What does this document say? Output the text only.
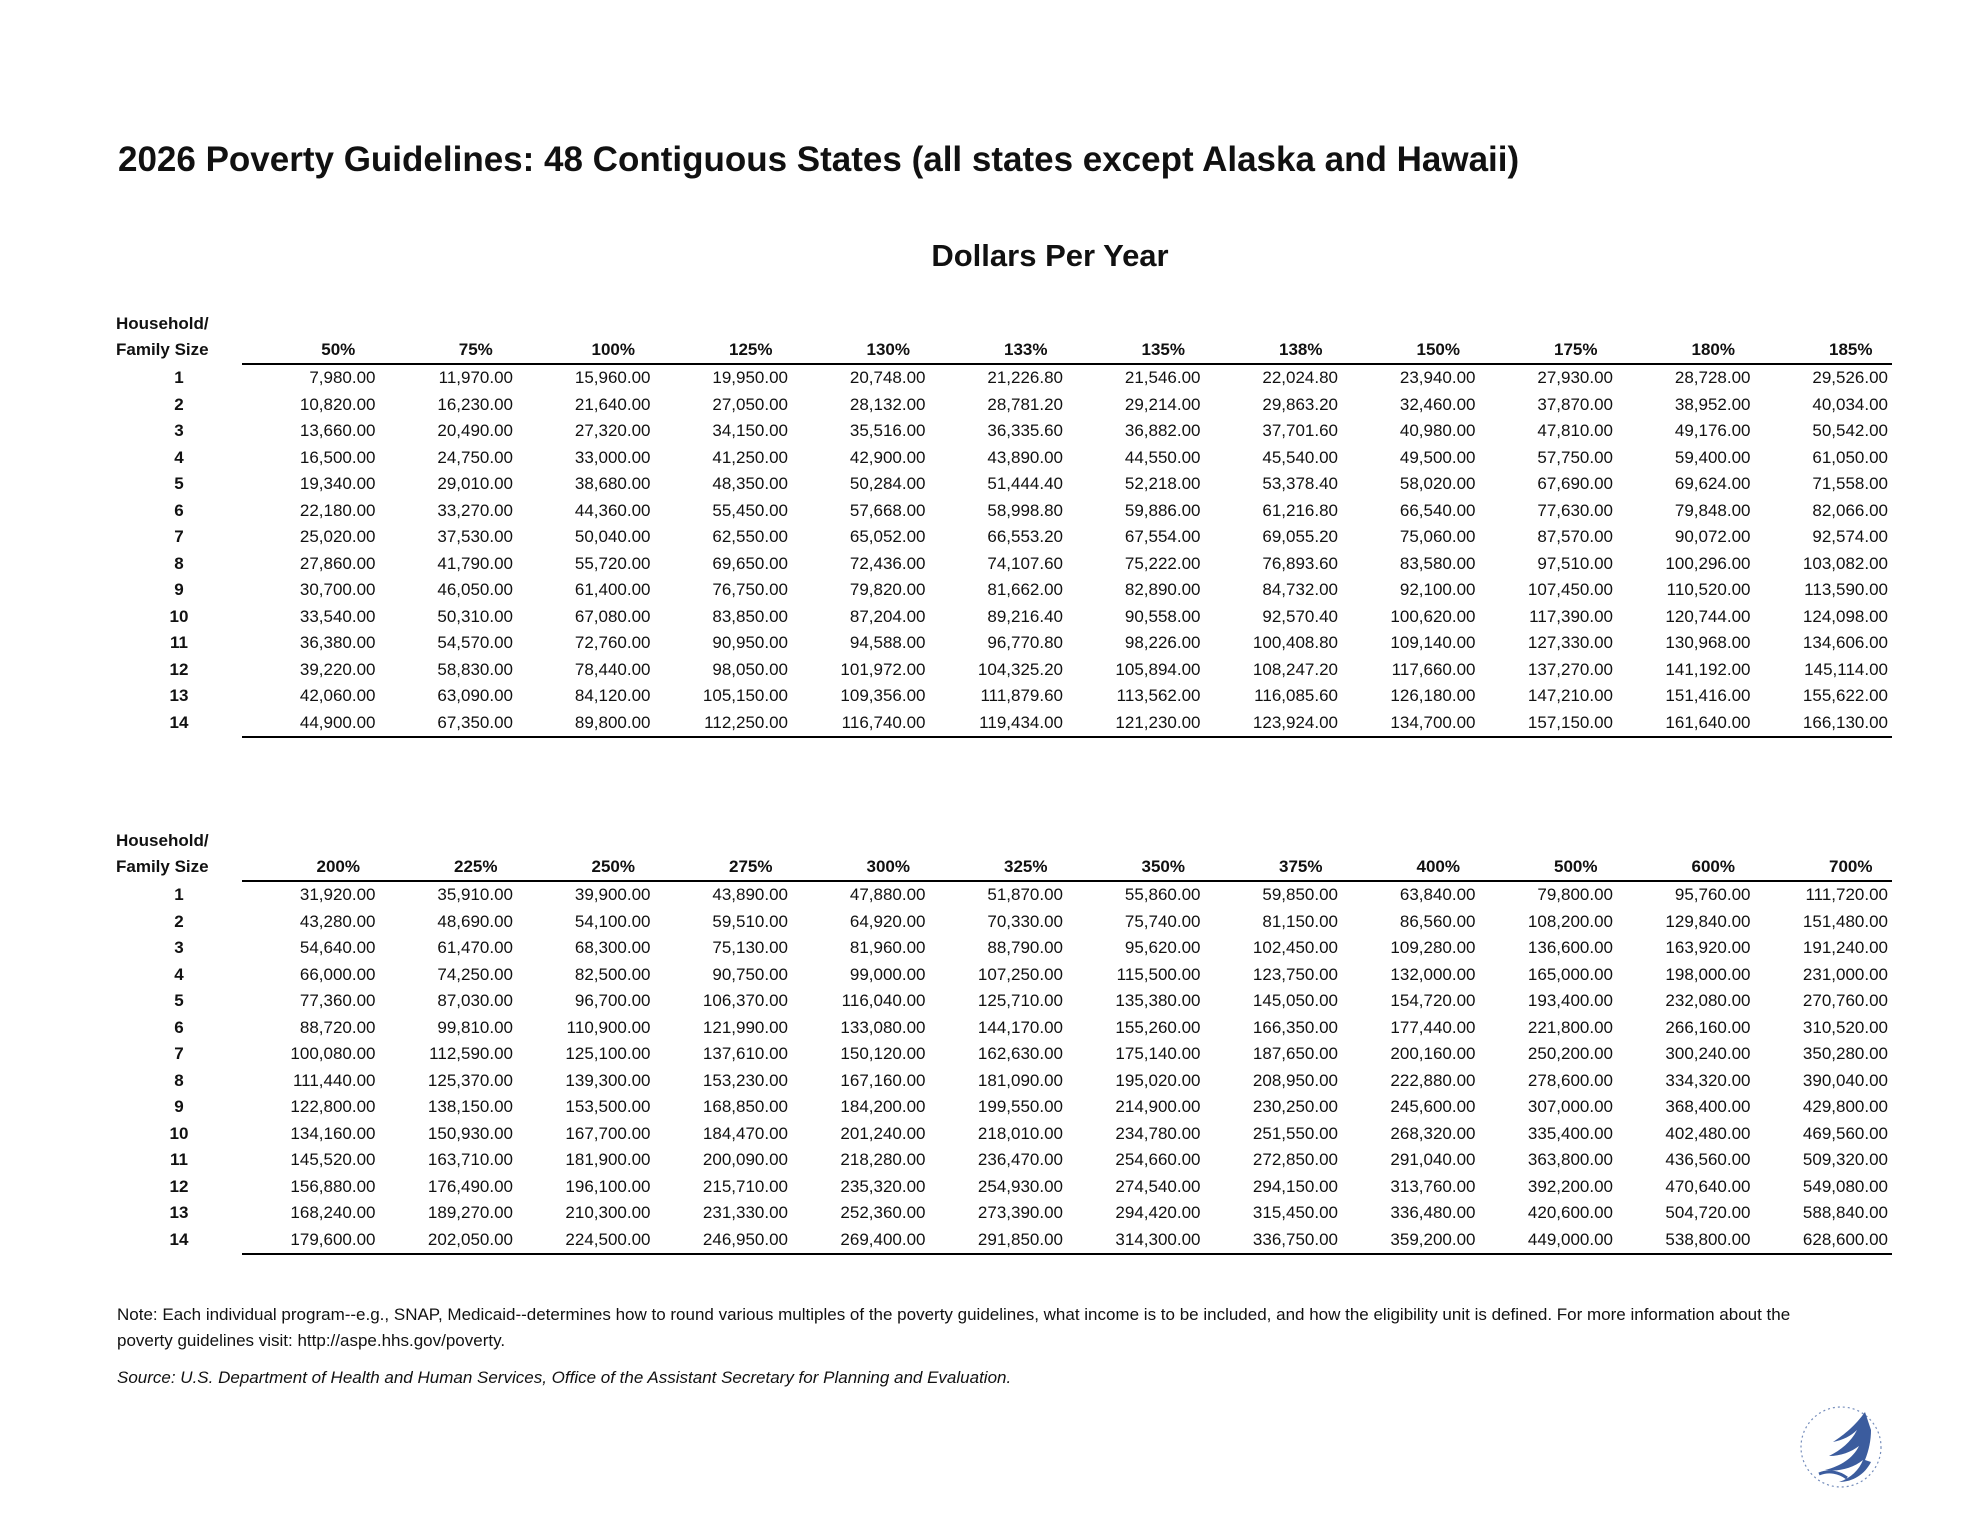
2026 Poverty Guidelines: 48 Contiguous States (all states except Alaska and Hawaii)
Dollars Per Year
Household/
Family Size	50%	75%	100%	125%	130%	133%	135%	138%	150%	175%	180%	185%
1	7,980.00	11,970.00	15,960.00	19,950.00	20,748.00	21,226.80	21,546.00	22,024.80	23,940.00	27,930.00	28,728.00	29,526.00
2	10,820.00	16,230.00	21,640.00	27,050.00	28,132.00	28,781.20	29,214.00	29,863.20	32,460.00	37,870.00	38,952.00	40,034.00
3	13,660.00	20,490.00	27,320.00	34,150.00	35,516.00	36,335.60	36,882.00	37,701.60	40,980.00	47,810.00	49,176.00	50,542.00
4	16,500.00	24,750.00	33,000.00	41,250.00	42,900.00	43,890.00	44,550.00	45,540.00	49,500.00	57,750.00	59,400.00	61,050.00
5	19,340.00	29,010.00	38,680.00	48,350.00	50,284.00	51,444.40	52,218.00	53,378.40	58,020.00	67,690.00	69,624.00	71,558.00
6	22,180.00	33,270.00	44,360.00	55,450.00	57,668.00	58,998.80	59,886.00	61,216.80	66,540.00	77,630.00	79,848.00	82,066.00
7	25,020.00	37,530.00	50,040.00	62,550.00	65,052.00	66,553.20	67,554.00	69,055.20	75,060.00	87,570.00	90,072.00	92,574.00
8	27,860.00	41,790.00	55,720.00	69,650.00	72,436.00	74,107.60	75,222.00	76,893.60	83,580.00	97,510.00	100,296.00	103,082.00
9	30,700.00	46,050.00	61,400.00	76,750.00	79,820.00	81,662.00	82,890.00	84,732.00	92,100.00	107,450.00	110,520.00	113,590.00
10	33,540.00	50,310.00	67,080.00	83,850.00	87,204.00	89,216.40	90,558.00	92,570.40	100,620.00	117,390.00	120,744.00	124,098.00
11	36,380.00	54,570.00	72,760.00	90,950.00	94,588.00	96,770.80	98,226.00	100,408.80	109,140.00	127,330.00	130,968.00	134,606.00
12	39,220.00	58,830.00	78,440.00	98,050.00	101,972.00	104,325.20	105,894.00	108,247.20	117,660.00	137,270.00	141,192.00	145,114.00
13	42,060.00	63,090.00	84,120.00	105,150.00	109,356.00	111,879.60	113,562.00	116,085.60	126,180.00	147,210.00	151,416.00	155,622.00
14	44,900.00	67,350.00	89,800.00	112,250.00	116,740.00	119,434.00	121,230.00	123,924.00	134,700.00	157,150.00	161,640.00	166,130.00
Household/
Family Size	200%	225%	250%	275%	300%	325%	350%	375%	400%	500%	600%	700%
1	31,920.00	35,910.00	39,900.00	43,890.00	47,880.00	51,870.00	55,860.00	59,850.00	63,840.00	79,800.00	95,760.00	111,720.00
2	43,280.00	48,690.00	54,100.00	59,510.00	64,920.00	70,330.00	75,740.00	81,150.00	86,560.00	108,200.00	129,840.00	151,480.00
3	54,640.00	61,470.00	68,300.00	75,130.00	81,960.00	88,790.00	95,620.00	102,450.00	109,280.00	136,600.00	163,920.00	191,240.00
4	66,000.00	74,250.00	82,500.00	90,750.00	99,000.00	107,250.00	115,500.00	123,750.00	132,000.00	165,000.00	198,000.00	231,000.00
5	77,360.00	87,030.00	96,700.00	106,370.00	116,040.00	125,710.00	135,380.00	145,050.00	154,720.00	193,400.00	232,080.00	270,760.00
6	88,720.00	99,810.00	110,900.00	121,990.00	133,080.00	144,170.00	155,260.00	166,350.00	177,440.00	221,800.00	266,160.00	310,520.00
7	100,080.00	112,590.00	125,100.00	137,610.00	150,120.00	162,630.00	175,140.00	187,650.00	200,160.00	250,200.00	300,240.00	350,280.00
8	111,440.00	125,370.00	139,300.00	153,230.00	167,160.00	181,090.00	195,020.00	208,950.00	222,880.00	278,600.00	334,320.00	390,040.00
9	122,800.00	138,150.00	153,500.00	168,850.00	184,200.00	199,550.00	214,900.00	230,250.00	245,600.00	307,000.00	368,400.00	429,800.00
10	134,160.00	150,930.00	167,700.00	184,470.00	201,240.00	218,010.00	234,780.00	251,550.00	268,320.00	335,400.00	402,480.00	469,560.00
11	145,520.00	163,710.00	181,900.00	200,090.00	218,280.00	236,470.00	254,660.00	272,850.00	291,040.00	363,800.00	436,560.00	509,320.00
12	156,880.00	176,490.00	196,100.00	215,710.00	235,320.00	254,930.00	274,540.00	294,150.00	313,760.00	392,200.00	470,640.00	549,080.00
13	168,240.00	189,270.00	210,300.00	231,330.00	252,360.00	273,390.00	294,420.00	315,450.00	336,480.00	420,600.00	504,720.00	588,840.00
14	179,600.00	202,050.00	224,500.00	246,950.00	269,400.00	291,850.00	314,300.00	336,750.00	359,200.00	449,000.00	538,800.00	628,600.00

Note: Each individual program--e.g., SNAP, Medicaid--determines how to round various multiples of the poverty guidelines, what income is to be included, and how the eligibility unit is defined. For more information about the poverty guidelines visit: http://aspe.hhs.gov/poverty.

Source: U.S. Department of Health and Human Services, Office of the Assistant Secretary for Planning and Evaluation.
